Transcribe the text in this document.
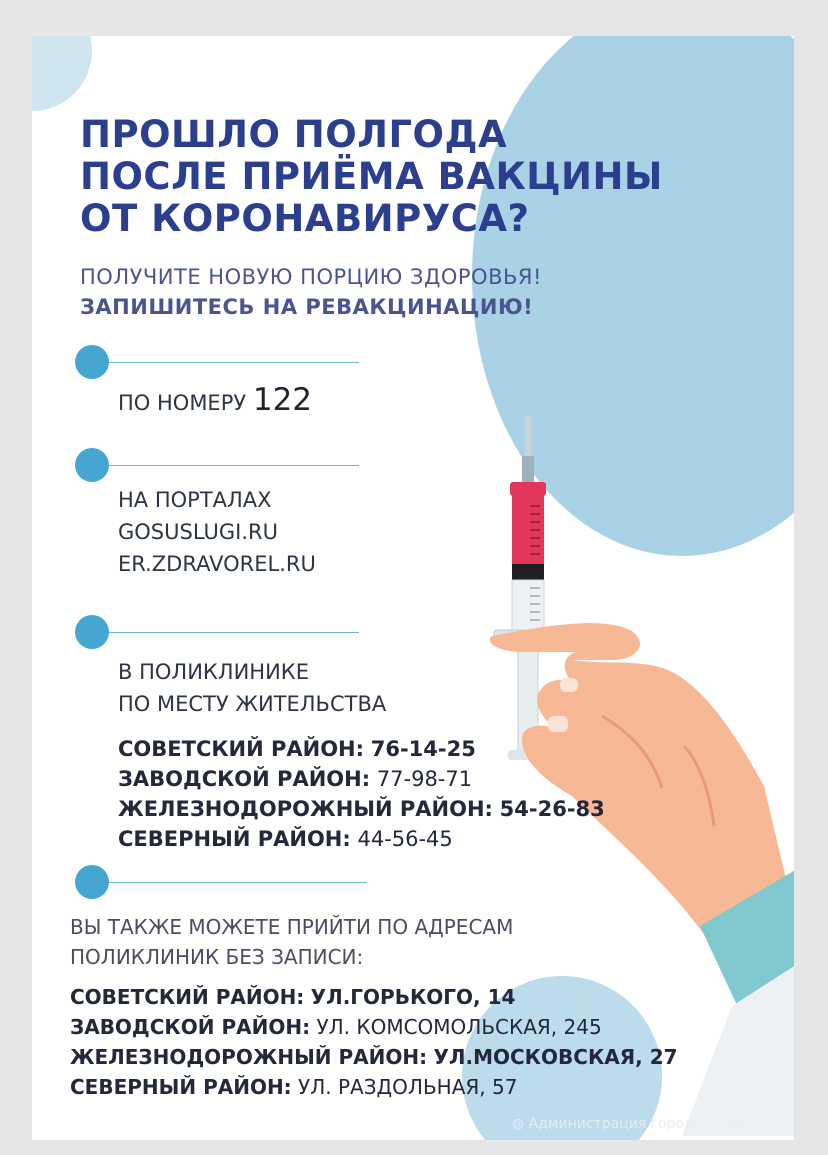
ПРОШЛО ПОЛГОДА
ПОСЛЕ ПРИЁМА ВАКЦИНЫ
ОТ КОРОНАВИРУСА?
ПОЛУЧИТЕ НОВУЮ ПОРЦИЮ ЗДОРОВЬЯ!
ЗАПИШИТЕСЬ НА РЕВАКЦИНАЦИЮ!
ПО НОМЕРУ 122
НА ПОРТАЛАХ
GOSUSLUGI.RU
ER.ZDRAVOREL.RU
В ПОЛИКЛИНИКЕ
ПО МЕСТУ ЖИТЕЛЬСТВА
СОВЕТСКИЙ РАЙОН: 76-14-25
ЗАВОДСКОЙ РАЙОН: 77-98-71
ЖЕЛЕЗНОДОРОЖНЫЙ РАЙОН: 54-26-83
СЕВЕРНЫЙ РАЙОН: 44-56-45
ВЫ ТАКЖЕ МОЖЕТЕ ПРИЙТИ ПО АДРЕСАМ
ПОЛИКЛИНИК БЕЗ ЗАПИСИ:
СОВЕТСКИЙ РАЙОН: УЛ.ГОРЬКОГО, 14
ЗАВОДСКОЙ РАЙОН: УЛ. КОМСОМОЛЬСКАЯ, 245
ЖЕЛЕЗНОДОРОЖНЫЙ РАЙОН: УЛ.МОСКОВСКАЯ, 27
СЕВЕРНЫЙ РАЙОН: УЛ. РАЗДОЛЬНАЯ, 57
◍ Администрация города Орла
